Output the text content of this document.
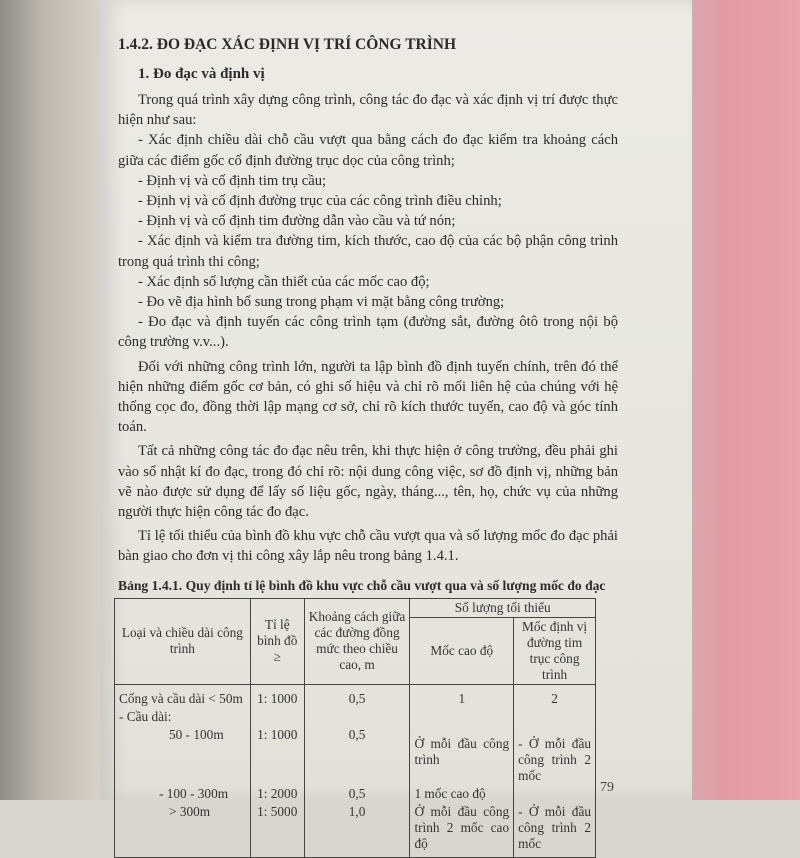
1.4.2. ĐO ĐẠC XÁC ĐỊNH VỊ TRÍ CÔNG TRÌNH
1. Đo đạc và định vị

Trong quá trình xây dựng công trình, công tác đo đạc và xác định vị trí được thực hiện như sau:

- Xác định chiều dài chỗ cầu vượt qua bằng cách đo đạc kiểm tra khoảng cách giữa các điểm gốc cố định đường trục dọc của công trình;

- Định vị và cố định tim trụ cầu;

- Định vị và cố định đường trục của các công trình điều chỉnh;

- Định vị và cố định tim đường dẫn vào cầu và tứ nón;

- Xác định và kiểm tra đường tim, kích thước, cao độ của các bộ phận công trình trong quá trình thi công;

- Xác định số lượng cần thiết của các mốc cao độ;

- Đo vẽ địa hình bổ sung trong phạm vi mặt bằng công trường;

- Đo đạc và định tuyến các công trình tạm (đường sắt, đường ôtô trong nội bộ công trường v.v...).

Đối với những công trình lớn, người ta lập bình đồ định tuyến chính, trên đó thể hiện những điểm gốc cơ bản, có ghi số hiệu và chỉ rõ mối liên hệ của chúng với hệ thống cọc đo, đồng thời lập mạng cơ sở, chỉ rõ kích thước tuyến, cao độ và góc tính toán.

Tất cả những công tác đo đạc nêu trên, khi thực hiện ở công trường, đều phải ghi vào sổ nhật kí đo đạc, trong đó chỉ rõ: nội dung công việc, sơ đồ định vị, những bản vẽ nào được sử dụng để lấy số liệu gốc, ngày, tháng..., tên, họ, chức vụ của những người thực hiện công tác đo đạc.

Tỉ lệ tối thiểu của bình đồ khu vực chỗ cầu vượt qua và số lượng mốc đo đạc phải bàn giao cho đơn vị thi công xây lắp nêu trong bảng 1.4.1.

Bảng 1.4.1. Quy định tỉ lệ bình đồ khu vực chỗ cầu vượt qua và số lượng mốc đo đạc
Loại và chiều dài công trình	Tỉ lệ bình đồ ≥	Khoảng cách giữa các đường đồng mức theo chiều cao, m	Số lượng tối thiểu	
			Mốc cao độ	Mốc định vị đường tim trục công trình
Cống và cầu dài < 50m	1: 1000	0,5	1	2
- Cầu dài:				
50 - 100m	1: 1000	0,5	Ở mỗi đầu công trình	- Ở mỗi đầu công trình 2 mốc
- 100 - 300m	1: 2000	0,5	1 mốc cao độ	
> 300m	1: 5000	1,0	Ở mỗi đầu công trình 2 mốc cao độ	- Ở mỗi đầu công trình 2 mốc
79
